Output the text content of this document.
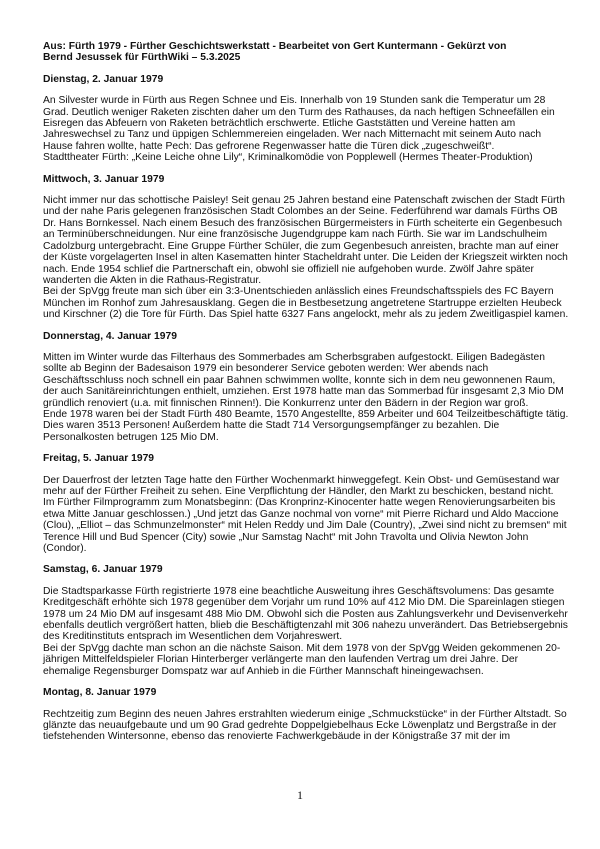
Aus: Fürth 1979 - Fürther Geschichtswerkstatt - Bearbeitet von Gert Kuntermann - Gekürzt von
Bernd Jesussek für FürthWiki – 5.3.2025
Dienstag, 2. Januar 1979
An Silvester wurde in Fürth aus Regen Schnee und Eis. Innerhalb von 19 Stunden sank die Temperatur um 28
Grad. Deutlich weniger Raketen zischten daher um den Turm des Rathauses, da nach heftigen Schneefällen ein
Eisregen das Abfeuern von Raketen beträchtlich erschwerte. Etliche Gaststätten und Vereine hatten am
Jahreswechsel zu Tanz und üppigen Schlemmereien eingeladen. Wer nach Mitternacht mit seinem Auto nach
Hause fahren wollte, hatte Pech: Das gefrorene Regenwasser hatte die Türen dick „zugeschweißt“.
Stadttheater Fürth: „Keine Leiche ohne Lily“, Kriminalkomödie von Popplewell (Hermes Theater-Produktion)
Mittwoch, 3. Januar 1979
Nicht immer nur das schottische Paisley! Seit genau 25 Jahren bestand eine Patenschaft zwischen der Stadt Fürth
und der nahe Paris gelegenen französischen Stadt Colombes an der Seine. Federführend war damals Fürths OB
Dr. Hans Bornkessel. Nach einem Besuch des französischen Bürgermeisters in Fürth scheiterte ein Gegenbesuch
an Terminüberschneidungen. Nur eine französische Jugendgruppe kam nach Fürth. Sie war im Landschulheim
Cadolzburg untergebracht. Eine Gruppe Fürther Schüler, die zum Gegenbesuch anreisten, brachte man auf einer
der Küste vorgelagerten Insel in alten Kasematten hinter Stacheldraht unter. Die Leiden der Kriegszeit wirkten noch
nach. Ende 1954 schlief die Partnerschaft ein, obwohl sie offiziell nie aufgehoben wurde. Zwölf Jahre später
wanderten die Akten in die Rathaus-Registratur.
Bei der SpVgg freute man sich über ein 3:3-Unentschieden anlässlich eines Freundschaftsspiels des FC Bayern
München im Ronhof zum Jahresausklang. Gegen die in Bestbesetzung angetretene Startruppe erzielten Heubeck
und Kirschner (2) die Tore für Fürth. Das Spiel hatte 6327 Fans angelockt, mehr als zu jedem Zweitligaspiel kamen.
Donnerstag, 4. Januar 1979
Mitten im Winter wurde das Filterhaus des Sommerbades am Scherbsgraben aufgestockt. Eiligen Badegästen
sollte ab Beginn der Badesaison 1979 ein besonderer Service geboten werden: Wer abends nach
Geschäftsschluss noch schnell ein paar Bahnen schwimmen wollte, konnte sich in dem neu gewonnenen Raum,
der auch Sanitäreinrichtungen enthielt, umziehen. Erst 1978 hatte man das Sommerbad für insgesamt 2,3 Mio DM
gründlich renoviert (u.a. mit finnischen Rinnen!). Die Konkurrenz unter den Bädern in der Region war groß.
Ende 1978 waren bei der Stadt Fürth 480 Beamte, 1570 Angestellte, 859 Arbeiter und 604 Teilzeitbeschäftigte tätig.
Dies waren 3513 Personen! Außerdem hatte die Stadt 714 Versorgungsempfänger zu bezahlen. Die
Personalkosten betrugen 125 Mio DM.
Freitag, 5. Januar 1979
Der Dauerfrost der letzten Tage hatte den Fürther Wochenmarkt hinweggefegt. Kein Obst- und Gemüsestand war
mehr auf der Fürther Freiheit zu sehen. Eine Verpflichtung der Händler, den Markt zu beschicken, bestand nicht.
Im Fürther Filmprogramm zum Monatsbeginn: (Das Kronprinz-Kinocenter hatte wegen Renovierungsarbeiten bis
etwa Mitte Januar geschlossen.) „Und jetzt das Ganze nochmal von vorne“ mit Pierre Richard und Aldo Maccione
(Clou), „Elliot – das Schmunzelmonster“ mit Helen Reddy und Jim Dale (Country), „Zwei sind nicht zu bremsen“ mit
Terence Hill und Bud Spencer (City) sowie „Nur Samstag Nacht“ mit John Travolta und Olivia Newton John
(Condor).
Samstag, 6. Januar 1979
Die Stadtsparkasse Fürth registrierte 1978 eine beachtliche Ausweitung ihres Geschäftsvolumens: Das gesamte
Kreditgeschäft erhöhte sich 1978 gegenüber dem Vorjahr um rund 10% auf 412 Mio DM. Die Spareinlagen stiegen
1978 um 24 Mio DM auf insgesamt 488 Mio DM. Obwohl sich die Posten aus Zahlungsverkehr und Devisenverkehr
ebenfalls deutlich vergrößert hatten, blieb die Beschäftigtenzahl mit 306 nahezu unverändert. Das Betriebsergebnis
des Kreditinstituts entsprach im Wesentlichen dem Vorjahreswert.
Bei der SpVgg dachte man schon an die nächste Saison. Mit dem 1978 von der SpVgg Weiden gekommenen 20-
jährigen Mittelfeldspieler Florian Hinterberger verlängerte man den laufenden Vertrag um drei Jahre. Der
ehemalige Regensburger Domspatz war auf Anhieb in die Fürther Mannschaft hineingewachsen.
Montag, 8. Januar 1979
Rechtzeitig zum Beginn des neuen Jahres erstrahlten wiederum einige „Schmuckstücke“ in der Fürther Altstadt. So
glänzte das neuaufgebaute und um 90 Grad gedrehte Doppelgiebelhaus Ecke Löwenplatz und Bergstraße in der
tiefstehenden Wintersonne, ebenso das renovierte Fachwerkgebäude in der Königstraße 37 mit der im
1
